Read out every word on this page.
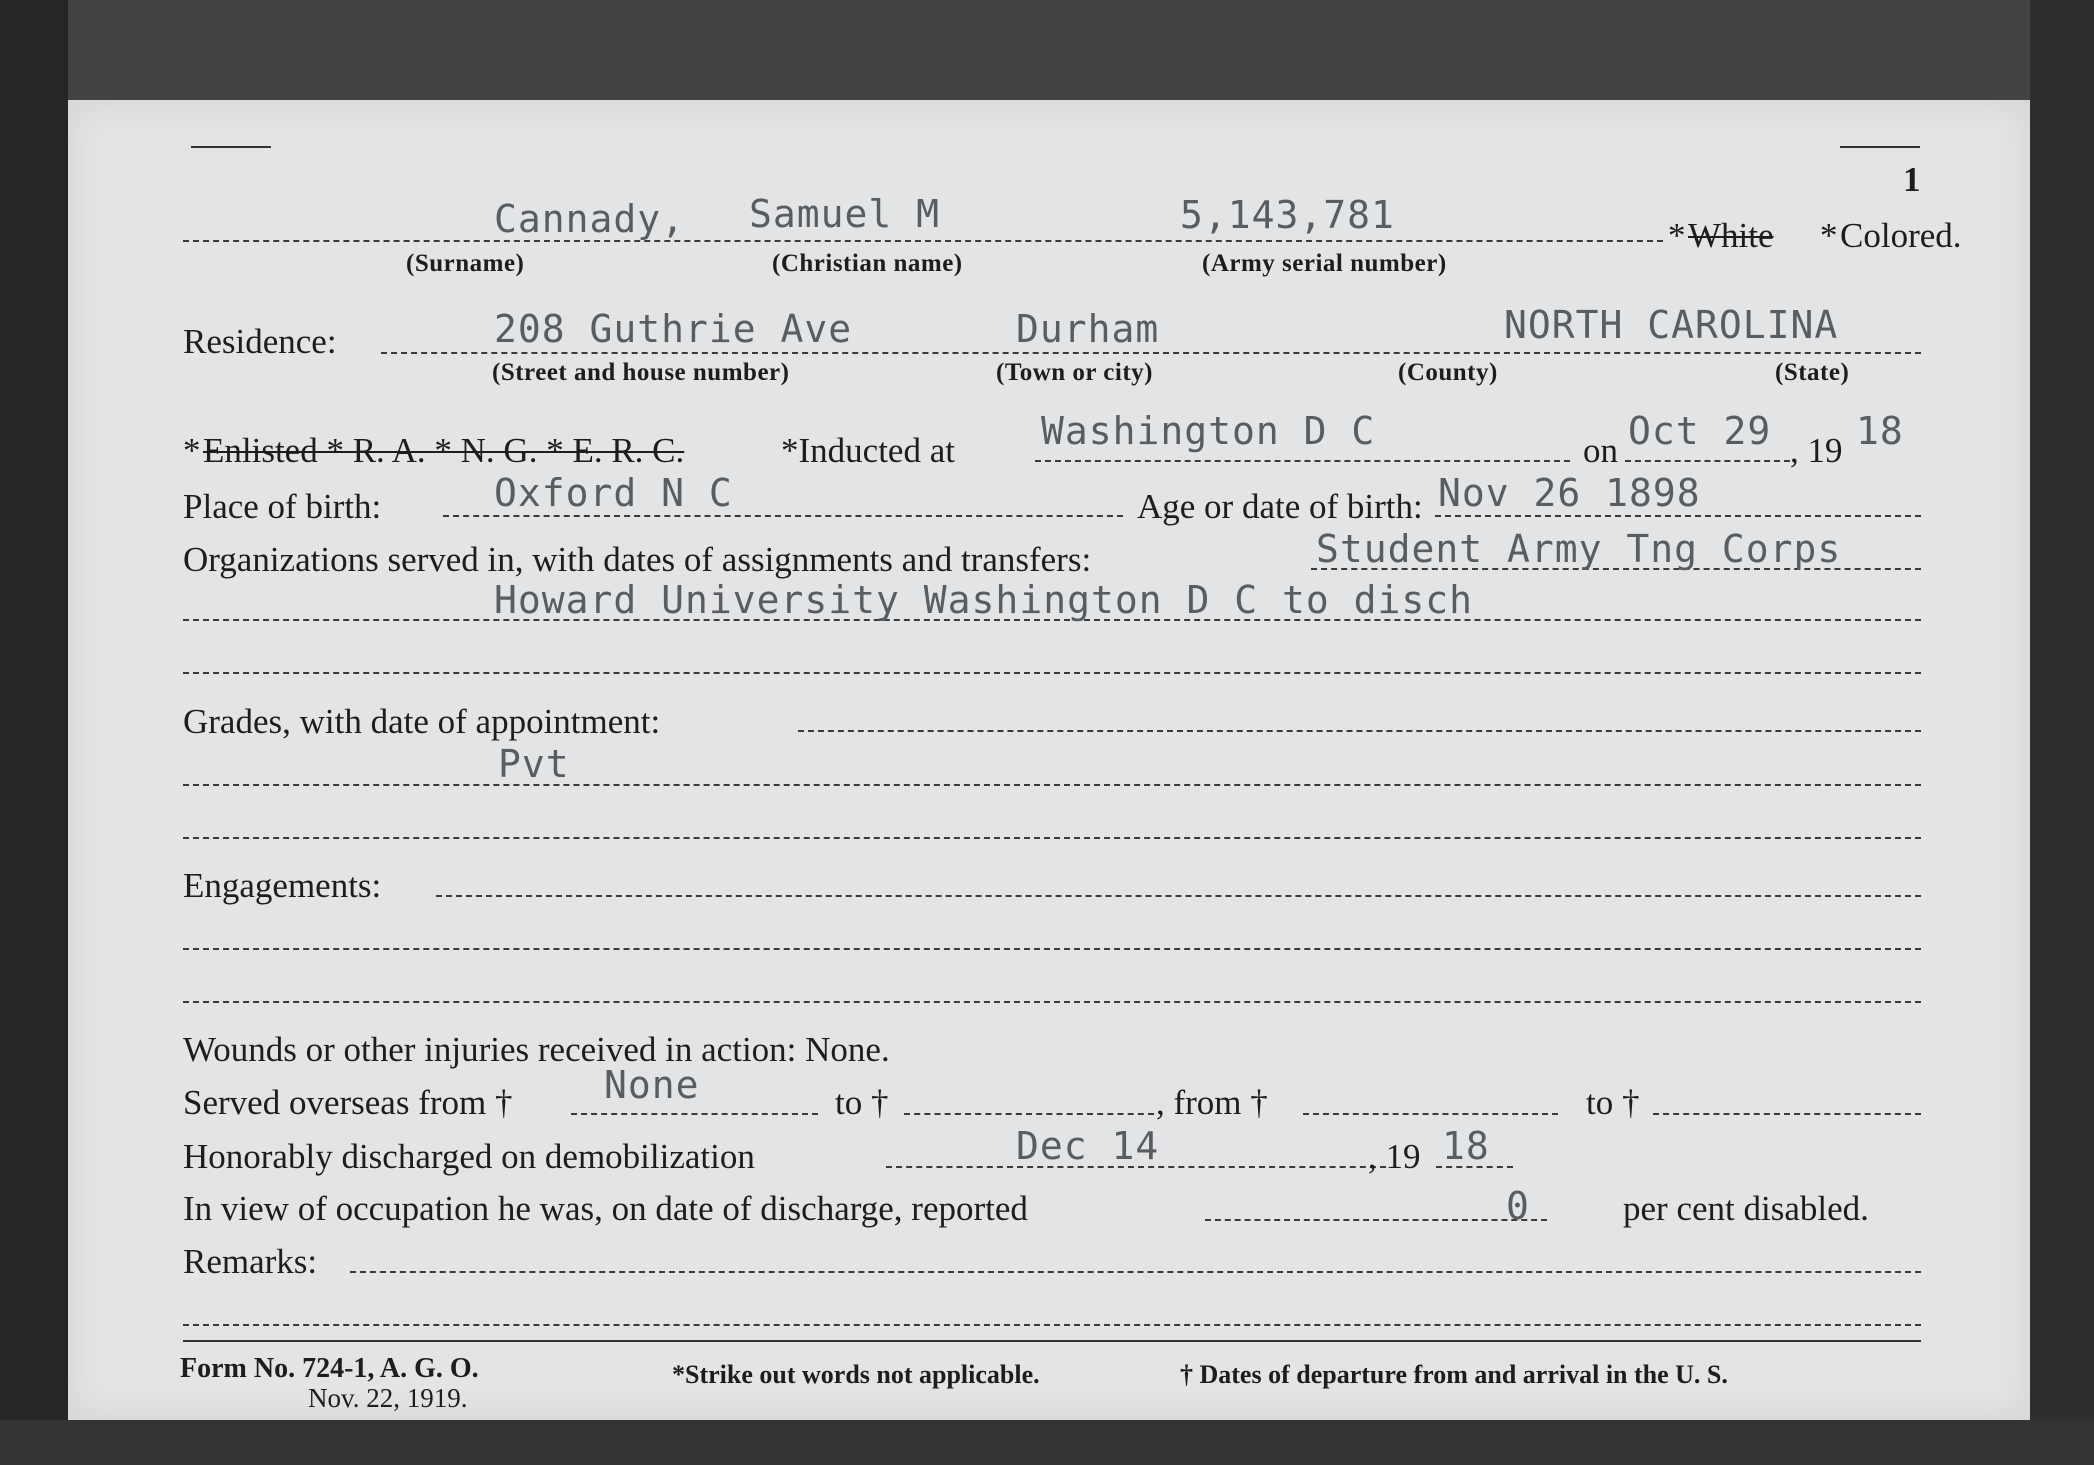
1
Cannady, Samuel M	5,143,781	* White * Colored.
(Surname)	(Christian name)	(Army serial number)
Residence:	208 Guthrie Ave	Durham	NORTH CAROLINA
(Street and house number)	(Town or city)	(County)	(State)
* Enlisted * R. A. * N. G. * E. R. C.	*Inducted at Washington D C	on Oct 29 , 19 18
Place of birth:	Oxford N C	Age or date of birth: Nov 26 1898
Organizations served in, with dates of assignments and transfers:	Student Army Tng Corps
Howard University Washington D C to disch
Grades, with date of appointment:
Pvt
Engagements:
Wounds or other injuries received in action: None.
Served overseas from † None	to †	, from †	to †
Honorably discharged on demobilization	Dec 14	, 19 18
In view of occupation he was, on date of discharge, reported	0	per cent disabled.
Remarks:
Form No. 724-1, A. G. O.
Nov. 22, 1919.
*Strike out words not applicable.	† Dates of departure from and arrival in the U. S.
